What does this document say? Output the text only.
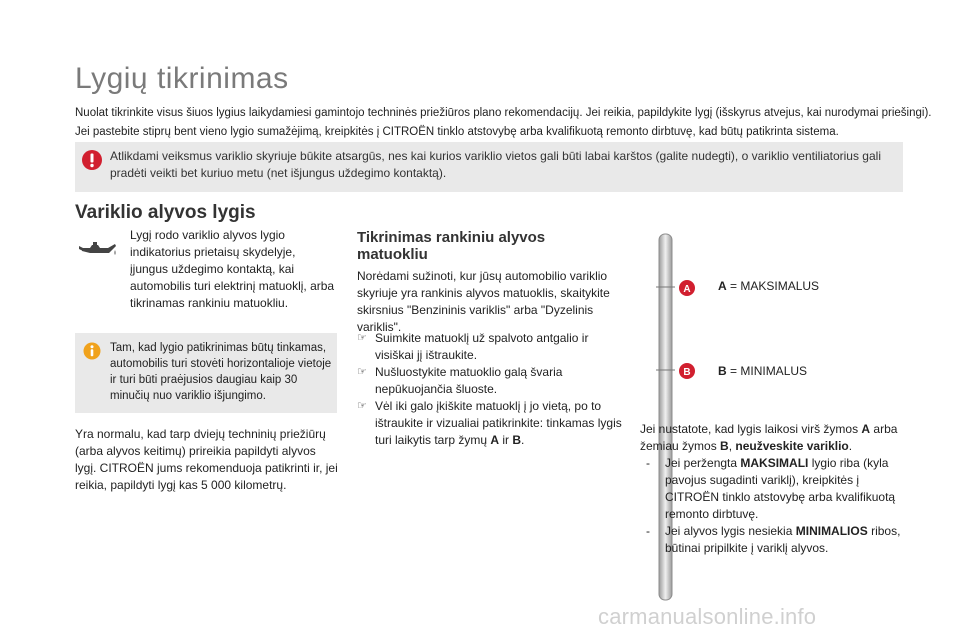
Lygių tikrinimas
Nuolat tikrinkite visus šiuos lygius laikydamiesi gamintojo techninės priežiūros plano rekomendacijų. Jei reikia, papildykite lygį (išskyrus atvejus, kai nurodymai priešingi). Jei pastebite stiprų bent vieno lygio sumažėjimą, kreipkitės į CITROËN tinklo atstovybę arba kvalifikuotą remonto dirbtuvę, kad būtų patikrinta sistema.
Atlikdami veiksmus variklio skyriuje būkite atsargūs, nes kai kurios variklio vietos gali būti labai karštos (galite nudegti), o variklio ventiliatorius gali pradėti veikti bet kuriuo metu (net išjungus uždegimo kontaktą).
Variklio alyvos lygis
Lygį rodo variklio alyvos lygio indikatorius prietaisų skydelyje, įjungus uždegimo kontaktą, kai automobilis turi elektrinį matuoklį, arba tikrinamas rankiniu matuokliu.
Tam, kad lygio patikrinimas būtų tinkamas, automobilis turi stovėti horizontalioje vietoje ir turi būti praėjusios daugiau kaip 30 minučių nuo variklio išjungimo.
Yra normalu, kad tarp dviejų techninių priežiūrų (arba alyvos keitimų) prireikia papildyti alyvos lygį. CITROËN jums rekomenduoja patikrinti ir, jei reikia, papildyti lygį kas 5 000 kilometrų.
Tikrinimas rankiniu alyvos matuokliu
Norėdami sužinoti, kur jūsų automobilio variklio skyriuje yra rankinis alyvos matuoklis, skaitykite skirsnius "Benzininis variklis" arba "Dyzelinis variklis".
☞ Suimkite matuoklį už spalvoto antgalio ir visiškai jį ištraukite.
☞ Nušluostykite matuoklio galą švaria nepūkuojančia šluoste.
☞ Vėl iki galo įkiškite matuoklį į jo vietą, po to ištraukite ir vizualiai patikrinkite: tinkamas lygis turi laikytis tarp žymų A ir B.
A
B
A = MAKSIMALUS
B = MINIMALUS
Jei nustatote, kad lygis laikosi virš žymos A arba žemiau žymos B, neužveskite variklio.
- Jei peržengta MAKSIMALI lygio riba (kyla pavojus sugadinti variklį), kreipkitės į CITROËN tinklo atstovybę arba kvalifikuotą remonto dirbtuvę.
- Jei alyvos lygis nesiekia MINIMALIOS ribos, būtinai pripilkite į variklį alyvos.
carmanualsonline.info
